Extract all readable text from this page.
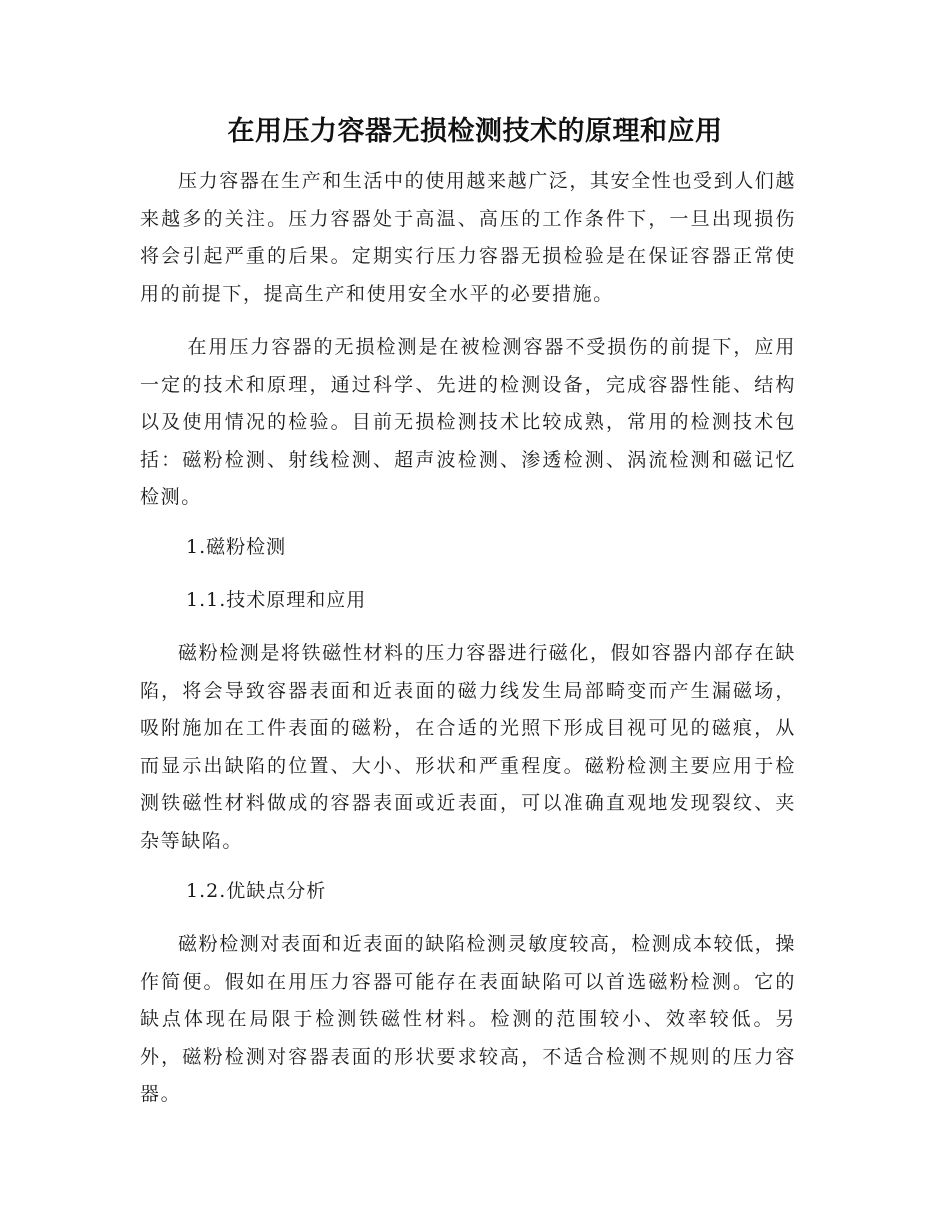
在用压力容器无损检测技术的原理和应用

压力容器在生产和生活中的使用越来越广泛，其安全性也受到人们越来越多的关注。压力容器处于高温、高压的工作条件下，一旦出现损伤将会引起严重的后果。定期实行压力容器无损检验是在保证容器正常使用的前提下，提高生产和使用安全水平的必要措施。

在用压力容器的无损检测是在被检测容器不受损伤的前提下，应用一定的技术和原理，通过科学、先进的检测设备，完成容器性能、结构以及使用情况的检验。目前无损检测技术比较成熟，常用的检测技术包括：磁粉检测、射线检测、超声波检测、渗透检测、涡流检测和磁记忆检测。

1.磁粉检测

1.1.技术原理和应用

磁粉检测是将铁磁性材料的压力容器进行磁化，假如容器内部存在缺陷，将会导致容器表面和近表面的磁力线发生局部畸变而产生漏磁场，吸附施加在工件表面的磁粉，在合适的光照下形成目视可见的磁痕，从而显示出缺陷的位置、大小、形状和严重程度。磁粉检测主要应用于检测铁磁性材料做成的容器表面或近表面，可以准确直观地发现裂纹、夹杂等缺陷。

1.2.优缺点分析

磁粉检测对表面和近表面的缺陷检测灵敏度较高，检测成本较低，操作简便。假如在用压力容器可能存在表面缺陷可以首选磁粉检测。它的缺点体现在局限于检测铁磁性材料。检测的范围较小、效率较低。另外，磁粉检测对容器表面的形状要求较高，不适合检测不规则的压力容器。
